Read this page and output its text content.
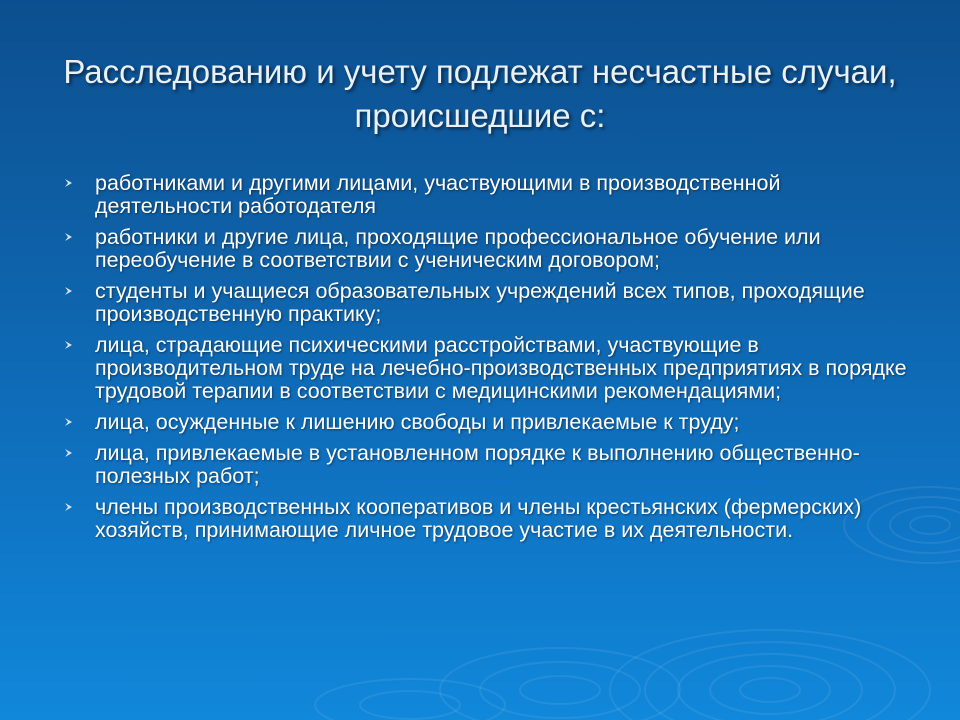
Расследованию и учету подлежат несчастные случаи, происшедшие с:
работниками и другими лицами, участвующими в производственной деятельности работодателя
работники и другие лица, проходящие профессиональное обучение или переобучение в соответствии с ученическим договором;
студенты и учащиеся образовательных учреждений всех типов, проходящие производственную практику;
лица, страдающие психическими расстройствами, участвующие в производительном труде на лечебно-производственных предприятиях в порядке трудовой терапии в соответствии с медицинскими рекомендациями;
лица, осужденные к лишению свободы и привлекаемые к труду;
лица, привлекаемые в установленном порядке к выполнению общественно-полезных работ;
члены производственных кооперативов и члены крестьянских (фермерских) хозяйств, принимающие личное трудовое участие в их деятельности.
